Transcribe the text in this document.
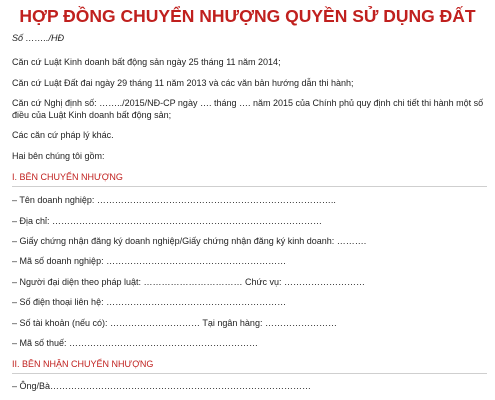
HỢP ĐỒNG CHUYỂN NHƯỢNG QUYỀN SỬ DỤNG ĐẤT
Số ……../HĐ
Căn cứ Luật Kinh doanh bất động sản ngày 25 tháng 11 năm 2014;
Căn cứ Luật Đất đai ngày 29 tháng 11 năm 2013 và các văn bản hướng dẫn thi hành;
Căn cứ Nghị định số: ……../2015/NĐ-CP ngày …. tháng …. năm 2015 của Chính phủ quy định chi tiết thi hành một số điều của Luật Kinh doanh bất động sản;
Các căn cứ pháp lý khác.
Hai bên chúng tôi gồm:
I. BÊN CHUYỂN NHƯỢNG
– Tên doanh nghiệp: ……………………………………………………………………..
– Địa chỉ: ………………………………………………………………………………
– Giấy chứng nhận đăng ký doanh nghiệp/Giấy chứng nhận đăng ký kinh doanh: ……….
– Mã số doanh nghiệp: ……………………………………………………
– Người đại diện theo pháp luật: …………………………… Chức vụ: ………………………
– Số điện thoại liên hệ: ……………………………………………………
– Số tài khoản (nếu có): ………………………… Tại ngân hàng: ……………………
– Mã số thuế: ………………………………………………………
II. BÊN NHẬN CHUYỂN NHƯỢNG
– Ông/Bà……………………………………………………………………………
